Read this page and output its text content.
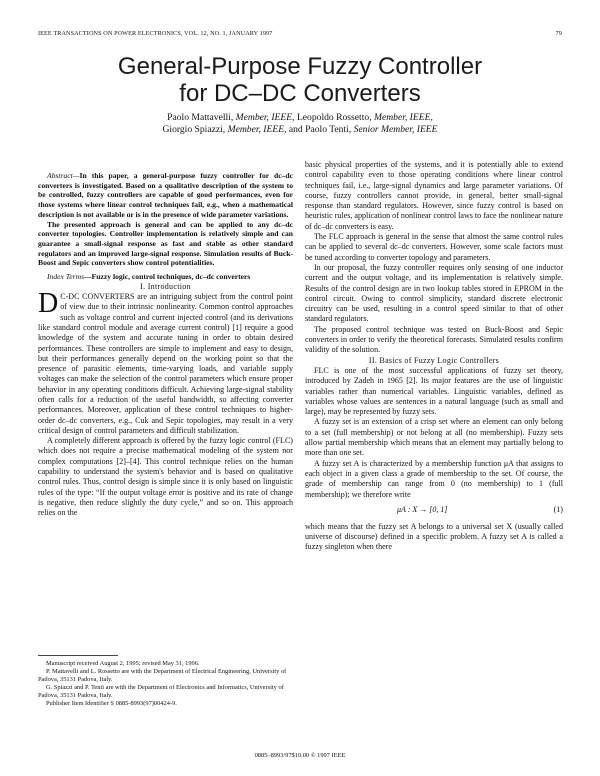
IEEE TRANSACTIONS ON POWER ELECTRONICS, VOL. 12, NO. 1, JANUARY 1997	79
General-Purpose Fuzzy Controller
for DC–DC Converters
Paolo Mattavelli, Member, IEEE, Leopoldo Rossetto, Member, IEEE,
Giorgio Spiazzi, Member, IEEE, and Paolo Tenti, Senior Member, IEEE

Abstract—In this paper, a general-purpose fuzzy controller for dc–dc converters is investigated. Based on a qualitative description of the system to be controlled, fuzzy controllers are capable of good performances, even for those systems where linear control techniques fail, e.g., when a mathematical description is not available or is in the presence of wide parameter variations.

The presented approach is general and can be applied to any dc–dc converter topologies. Controller implementation is relatively simple and can guarantee a small-signal response as fast and stable as other standard regulators and an improved large-signal response. Simulation results of Buck-Boost and Sepic converters show control potentialities.

Index Terms—Fuzzy logic, control techniques, dc–dc converters

I. Introduction

D C-DC CONVERTERS are an intriguing subject from the control point of view due to their intrinsic nonlinearity. Common control approaches such as voltage control and current injected control (and its derivations like standard control module and average current control) [1] require a good knowledge of the system and accurate tuning in order to obtain desired performances. These controllers are simple to implement and easy to design, but their performances generally depend on the working point so that the presence of parasitic elements, time-varying loads, and variable supply voltages can make the selection of the control parameters which ensure proper behavior in any operating conditions difficult. Achieving large-signal stability often calls for a reduction of the useful bandwidth, so affecting converter performances. Moreover, application of these control techniques to higher-order dc–dc converters, e.g., Cuk and Sepic topologies, may result in a very critical design of control parameters and difficult stabilization.

A completely different approach is offered by the fuzzy logic control (FLC) which does not require a precise mathematical modeling of the system nor complex computations [2]–[4]. This control technique relies on the human capability to understand the system's behavior and is based on qualitative control rules. Thus, control design is simple since it is only based on linguistic rules of the type: “If the output voltage error is positive and its rate of change is negative, then reduce slightly the duty cycle,” and so on. This approach relies on the

Manuscript received August 2, 1995; revised May 31, 1996.

P. Mattavelli and L. Rossetto are with the Department of Electrical Engineering, University of Padova, 35131 Padova, Italy.

G. Spiazzi and P. Tenti are with the Department of Electronics and Informatics, University of Padova, 35131 Padova, Italy.

Publisher Item Identifier S 0885-8993(97)00424-9.

basic physical properties of the systems, and it is potentially able to extend control capability even to those operating conditions where linear control techniques fail, i.e., large-signal dynamics and large parameter variations. Of course, fuzzy controllers cannot provide, in general, better small-signal response than standard regulators. However, since fuzzy control is based on heuristic rules, application of nonlinear control laws to face the nonlinear nature of dc–dc converters is easy.

The FLC approach is general in the sense that almost the same control rules can be applied to several dc–dc converters. However, some scale factors must be tuned according to converter topology and parameters.

In our proposal, the fuzzy controller requires only sensing of one inductor current and the output voltage, and its implementation is relatively simple. Results of the control design are in two lookup tables stored in EPROM in the control circuit. Owing to control simplicity, standard discrete electronic circuitry can be used, resulting in a control speed similar to that of other standard regulators.

The proposed control technique was tested on Buck-Boost and Sepic converters in order to verify the theoretical forecasts. Simulated results confirm validity of the solution.

II. Basics of Fuzzy Logic Controllers

FLC is one of the most successful applications of fuzzy set theory, introduced by Zadeh in 1965 [2]. Its major features are the use of linguistic variables rather than numerical variables. Linguistic variables, defined as variables whose values are sentences in a natural language (such as small and large), may be represented by fuzzy sets.

A fuzzy set is an extension of a crisp set where an element can only belong to a set (full membership) or not belong at all (no membership). Fuzzy sets allow partial membership which means that an element may partially belong to more than one set.

A fuzzy set A is characterized by a membership function μA that assigns to each object in a given class a grade of membership to the set. Of course, the grade of membership can range from 0 (no membership) to 1 (full membership); we therefore write

μA : X → [0, 1]	(1)

which means that the fuzzy set A belongs to a universal set X (usually called universe of discourse) defined in a specific problem. A fuzzy set A is called a fuzzy singleton when there

0885–8993/97$10.00 © 1997 IEEE
